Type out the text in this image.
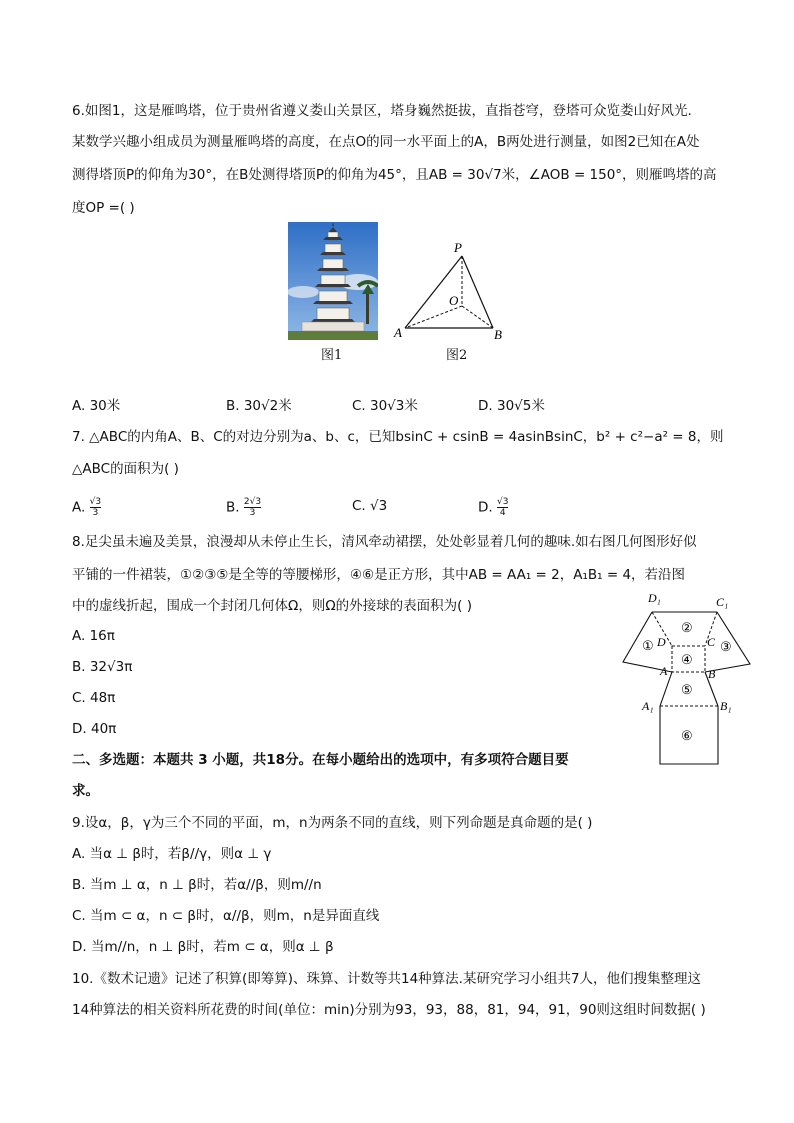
6.如图1，这是雁鸣塔，位于贵州省遵义娄山关景区，塔身巍然挺拔，直指苍穹，登塔可众览娄山好风光.
某数学兴趣小组成员为测量雁鸣塔的高度，在点O的同一水平面上的A，B两处进行测量，如图2已知在A处
测得塔顶P的仰角为30°，在B处测得塔顶P的仰角为45°，且AB = 30√7米，∠AOB = 150°，则雁鸣塔的高
度OP =( )
图1
P
O
A	B
图2
A. 30米	B. 30√2米	C. 30√3米	D. 30√5米
7. △ABC的内角A、B、C的对边分别为a、b、c，已知bsinC + csinB = 4asinBsinC，b² + c²−a² = 8，则
△ABC的面积为( )
A. $\frac{√3}{3}$	B. $\frac{2√3}{3}$	C. √3	D. $\frac{√3}{4}$
8.足尖虽未遍及美景，浪漫却从未停止生长，清风牵动裙摆，处处彰显着几何的趣味.如右图几何图形好似
平铺的一件裙装，①②③⑤是全等的等腰梯形，④⑥是正方形，其中AB = AA₁ = 2，A₁B₁ = 4，若沿图
中的虚线折起，围成一个封闭几何体Ω，则Ω的外接球的表面积为( )
A. 16π
B. 32√3π
C. 48π
D. 40π
D₁	C₁
D	C
A	B
A₁	B₁
①
②
③
④
⑤
⑥
二、多选题：本题共 3 小题，共18分。在每小题给出的选项中，有多项符合题目要
求。
9.设α，β，γ为三个不同的平面，m，n为两条不同的直线，则下列命题是真命题的是( )
A. 当α ⊥ β时，若β//γ，则α ⊥ γ
B. 当m ⊥ α，n ⊥ β时，若α//β，则m//n
C. 当m ⊂ α，n ⊂ β时，α//β，则m，n是异面直线
D. 当m//n，n ⊥ β时，若m ⊂ α，则α ⊥ β
10.《数术记遗》记述了积算(即筹算)、珠算、计数等共14种算法.某研究学习小组共7人，他们搜集整理这
14种算法的相关资料所花费的时间(单位：min)分别为93，93，88，81，94，91，90则这组时间数据( )
